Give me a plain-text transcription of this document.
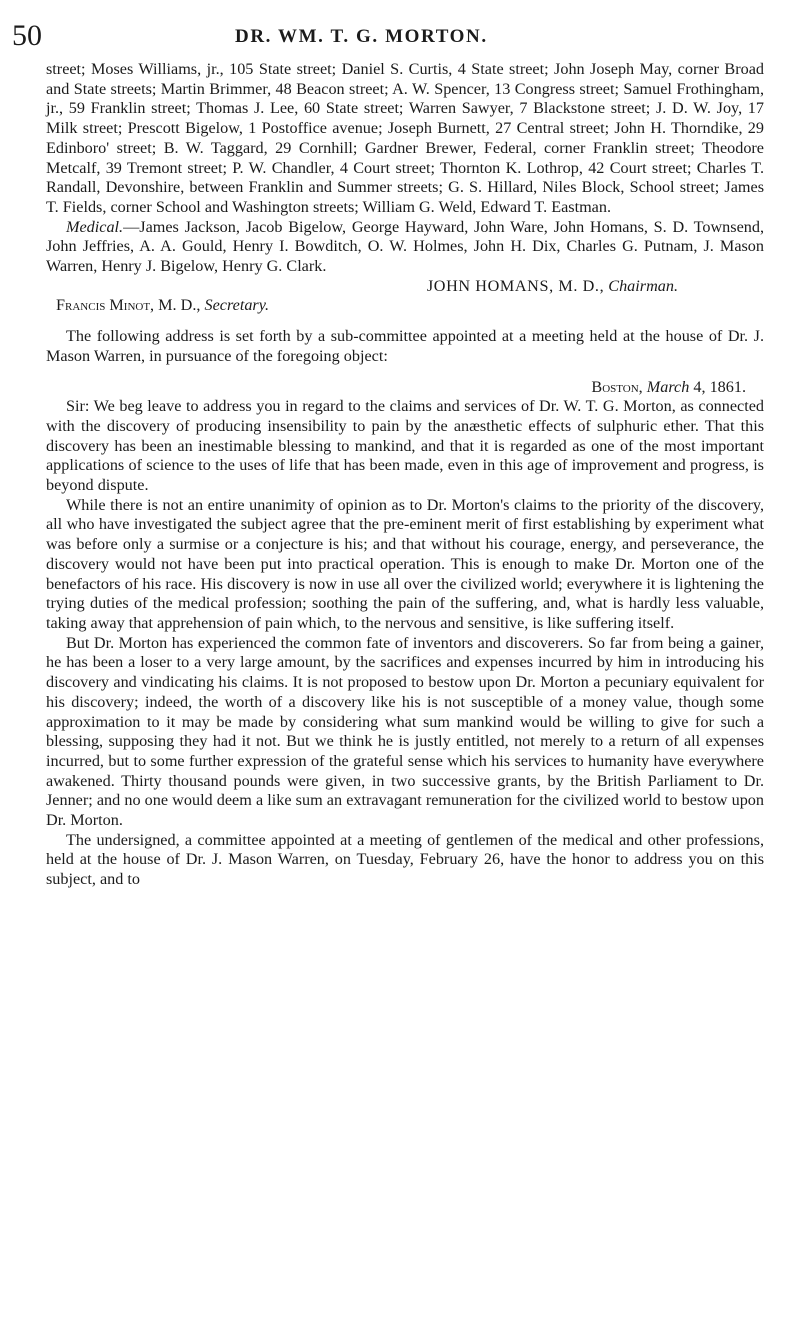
50	DR. WM. T. G. MORTON.

street; Moses Williams, jr., 105 State street; Daniel S. Curtis, 4 State street; John Joseph May, corner Broad and State streets; Martin Brimmer, 48 Beacon street; A. W. Spencer, 13 Congress street; Samuel Frothingham, jr., 59 Franklin street; Thomas J. Lee, 60 State street; Warren Sawyer, 7 Blackstone street; J. D. W. Joy, 17 Milk street; Prescott Bigelow, 1 Postoffice avenue; Joseph Burnett, 27 Central street; John H. Thorndike, 29 Edinboro' street; B. W. Taggard, 29 Cornhill; Gardner Brewer, Federal, corner Franklin street; Theodore Metcalf, 39 Tremont street; P. W. Chandler, 4 Court street; Thornton K. Lothrop, 42 Court street; Charles T. Randall, Devonshire, between Franklin and Summer streets; G. S. Hillard, Niles Block, School street; James T. Fields, corner School and Washington streets; William G. Weld, Edward T. Eastman.

Medical.—James Jackson, Jacob Bigelow, George Hayward, John Ware, John Homans, S. D. Townsend, John Jeffries, A. A. Gould, Henry I. Bowditch, O. W. Holmes, John H. Dix, Charles G. Putnam, J. Mason Warren, Henry J. Bigelow, Henry G. Clark.

JOHN HOMANS, M. D., Chairman.

Francis Minot, M. D., Secretary.

The following address is set forth by a sub-committee appointed at a meeting held at the house of Dr. J. Mason Warren, in pursuance of the foregoing object:

Boston, March 4, 1861.

Sir: We beg leave to address you in regard to the claims and services of Dr. W. T. G. Morton, as connected with the discovery of producing insensibility to pain by the anæsthetic effects of sulphuric ether. That this discovery has been an inestimable blessing to mankind, and that it is regarded as one of the most important applications of science to the uses of life that has been made, even in this age of improvement and progress, is beyond dispute.

While there is not an entire unanimity of opinion as to Dr. Morton's claims to the priority of the discovery, all who have investigated the subject agree that the pre-eminent merit of first establishing by experiment what was before only a surmise or a conjecture is his; and that without his courage, energy, and perseverance, the discovery would not have been put into practical operation. This is enough to make Dr. Morton one of the benefactors of his race. His discovery is now in use all over the civilized world; everywhere it is lightening the trying duties of the medical profession; soothing the pain of the suffering, and, what is hardly less valuable, taking away that apprehension of pain which, to the nervous and sensitive, is like suffering itself.

But Dr. Morton has experienced the common fate of inventors and discoverers. So far from being a gainer, he has been a loser to a very large amount, by the sacrifices and expenses incurred by him in introducing his discovery and vindicating his claims. It is not proposed to bestow upon Dr. Morton a pecuniary equivalent for his discovery; indeed, the worth of a discovery like his is not susceptible of a money value, though some approximation to it may be made by considering what sum mankind would be willing to give for such a blessing, supposing they had it not. But we think he is justly entitled, not merely to a return of all expenses incurred, but to some further expression of the grateful sense which his services to humanity have everywhere awakened. Thirty thousand pounds were given, in two successive grants, by the British Parliament to Dr. Jenner; and no one would deem a like sum an extravagant remuneration for the civilized world to bestow upon Dr. Morton.

The undersigned, a committee appointed at a meeting of gentlemen of the medical and other professions, held at the house of Dr. J. Mason Warren, on Tuesday, February 26, have the honor to address you on this subject, and to
